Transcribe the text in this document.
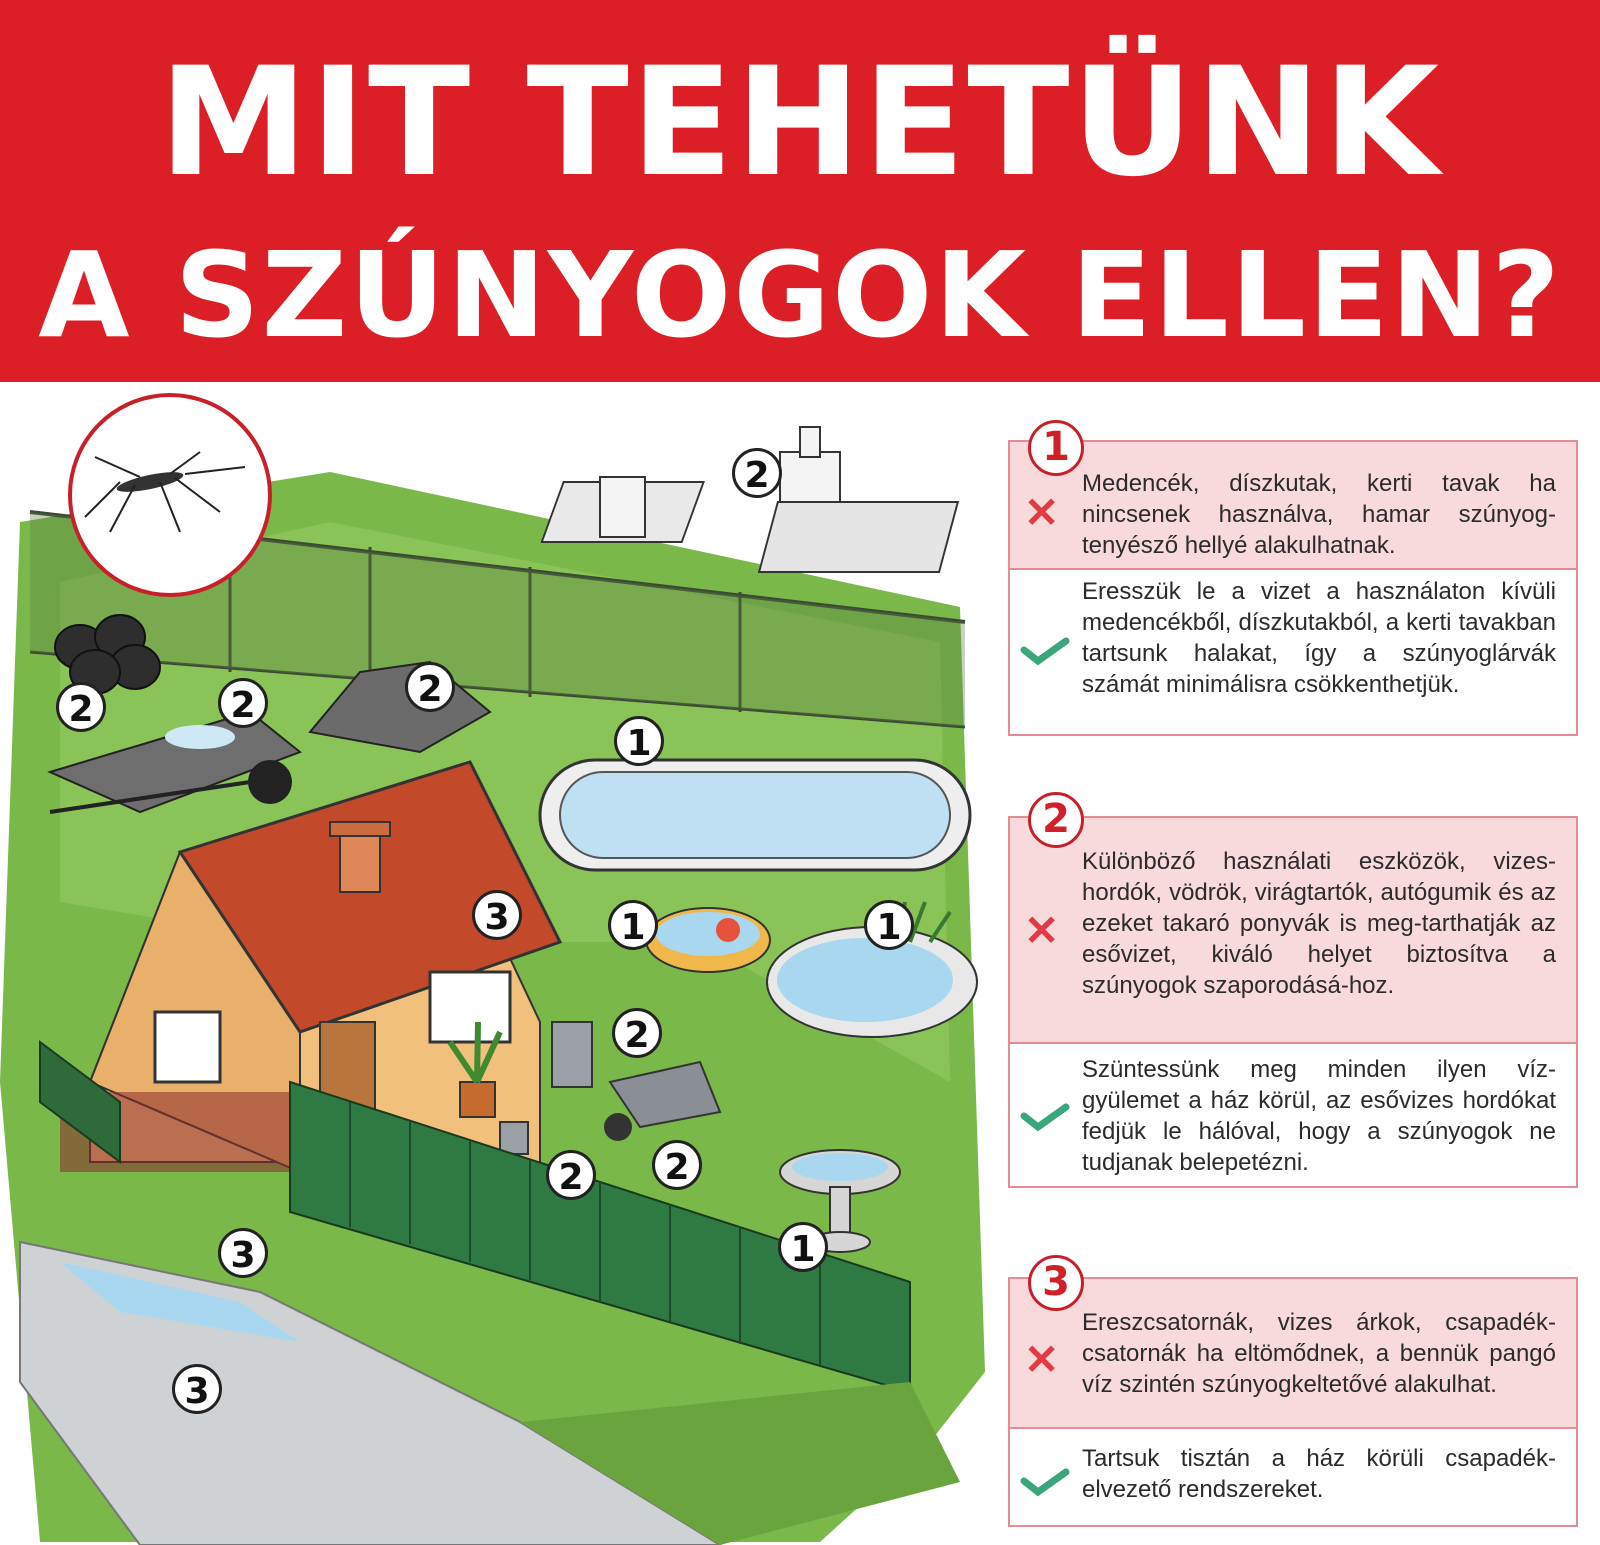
MIT TEHETÜNK
A SZÚNYOGOK ELLEN?
2
2	2	2
1
1	1
3
2
2
2
3
3
1
1
✕
Medencék, díszkutak, kerti tavak ha nincsenek használva, hamar szúnyog-tenyésző hellyé alakulhatnak.
Eresszük le a vizet a használaton kívüli medencékből, díszkutakból, a kerti tavakban tartsunk halakat, így a szúnyoglárvák számát minimálisra csökkenthetjük.
2
✕
Különböző használati eszközök, vizes-hordók, vödrök, virágtartók, autógumik és az ezeket takaró ponyvák is meg-tarthatják az esővizet, kiváló helyet biztosítva a szúnyogok szaporodásá-hoz.
Szüntessünk meg minden ilyen víz-gyülemet a ház körül, az esővizes hordókat fedjük le hálóval, hogy a szúnyogok ne tudjanak belepetézni.
3
✕
Ereszcsatornák, vizes árkok, csapadék-csatornák ha eltömődnek, a bennük pangó víz szintén szúnyogkeltetővé alakulhat.
Tartsuk tisztán a ház körüli csapadék-elvezető rendszereket.
